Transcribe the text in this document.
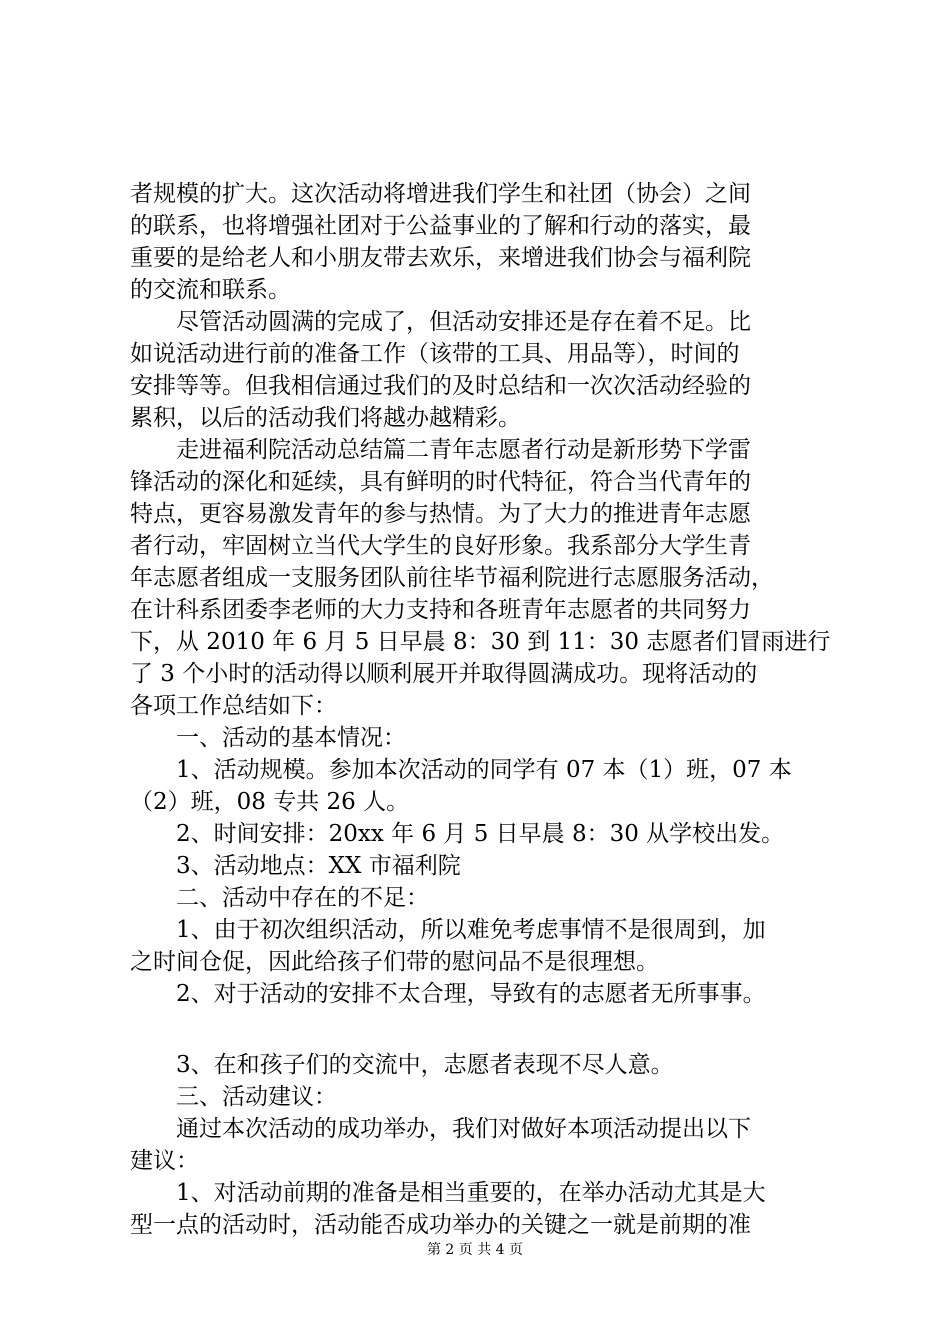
者规模的扩大。这次活动将增进我们学生和社团（协会）之间
的联系，也将增强社团对于公益事业的了解和行动的落实，最
重要的是给老人和小朋友带去欢乐，来增进我们协会与福利院
的交流和联系。
尽管活动圆满的完成了，但活动安排还是存在着不足。比
如说活动进行前的准备工作（该带的工具、用品等），时间的
安排等等。但我相信通过我们的及时总结和一次次活动经验的
累积，以后的活动我们将越办越精彩。
走进福利院活动总结篇二青年志愿者行动是新形势下学雷
锋活动的深化和延续，具有鲜明的时代特征，符合当代青年的
特点，更容易激发青年的参与热情。为了大力的推进青年志愿
者行动，牢固树立当代大学生的良好形象。我系部分大学生青
年志愿者组成一支服务团队前往毕节福利院进行志愿服务活动，
在计科系团委李老师的大力支持和各班青年志愿者的共同努力
下，从 2010 年 6 月 5 日早晨 8：30 到 11：30 志愿者们冒雨进行
了 3 个小时的活动得以顺利展开并取得圆满成功。现将活动的
各项工作总结如下：
一、活动的基本情况：
1、活动规模。参加本次活动的同学有 07 本（1）班，07 本
（2）班，08 专共 26 人。
2、时间安排：20xx 年 6 月 5 日早晨 8：30 从学校出发。
3、活动地点：XX 市福利院
二、活动中存在的不足：
1、由于初次组织活动，所以难免考虑事情不是很周到，加
之时间仓促，因此给孩子们带的慰问品不是很理想。
2、对于活动的安排不太合理，导致有的志愿者无所事事。
3、在和孩子们的交流中，志愿者表现不尽人意。
三、活动建议：
通过本次活动的成功举办，我们对做好本项活动提出以下
建议：
1、对活动前期的准备是相当重要的，在举办活动尤其是大
型一点的活动时，活动能否成功举办的关键之一就是前期的准
第 2 页 共 4 页
